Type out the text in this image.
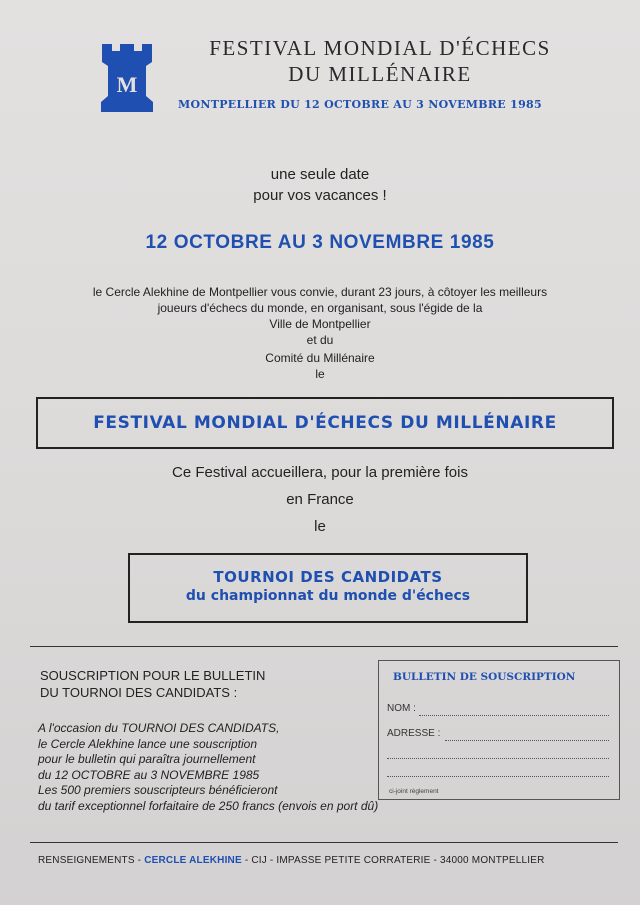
M
FESTIVAL MONDIAL D'ÉCHECS
DU MILLÉNAIRE
MONTPELLIER DU 12 OCTOBRE AU 3 NOVEMBRE 1985
une seule date
pour vos vacances !
12 OCTOBRE AU 3 NOVEMBRE 1985
le Cercle Alekhine de Montpellier vous convie, durant 23 jours, à côtoyer les meilleurs
joueurs d'échecs du monde, en organisant, sous l'égide de la
Ville de Montpellier
et du
Comité du Millénaire
le
FESTIVAL MONDIAL D'ÉCHECS DU MILLÉNAIRE
Ce Festival accueillera, pour la première fois
en France
le
TOURNOI DES CANDIDATS
du championnat du monde d'échecs
SOUSCRIPTION POUR LE BULLETIN
DU TOURNOI DES CANDIDATS :
A l'occasion du TOURNOI DES CANDIDATS,
le Cercle Alekhine lance une souscription
pour le bulletin qui paraîtra journellement
du 12 OCTOBRE au 3 NOVEMBRE 1985
Les 500 premiers souscripteurs bénéficieront
du tarif exceptionnel forfaitaire de 250 francs (envois en port dû)
BULLETIN DE SOUSCRIPTION
NOM :
ADRESSE :
ci-joint règlement
RENSEIGNEMENTS - CERCLE ALEKHINE - CIJ - IMPASSE PETITE CORRATERIE - 34000 MONTPELLIER
